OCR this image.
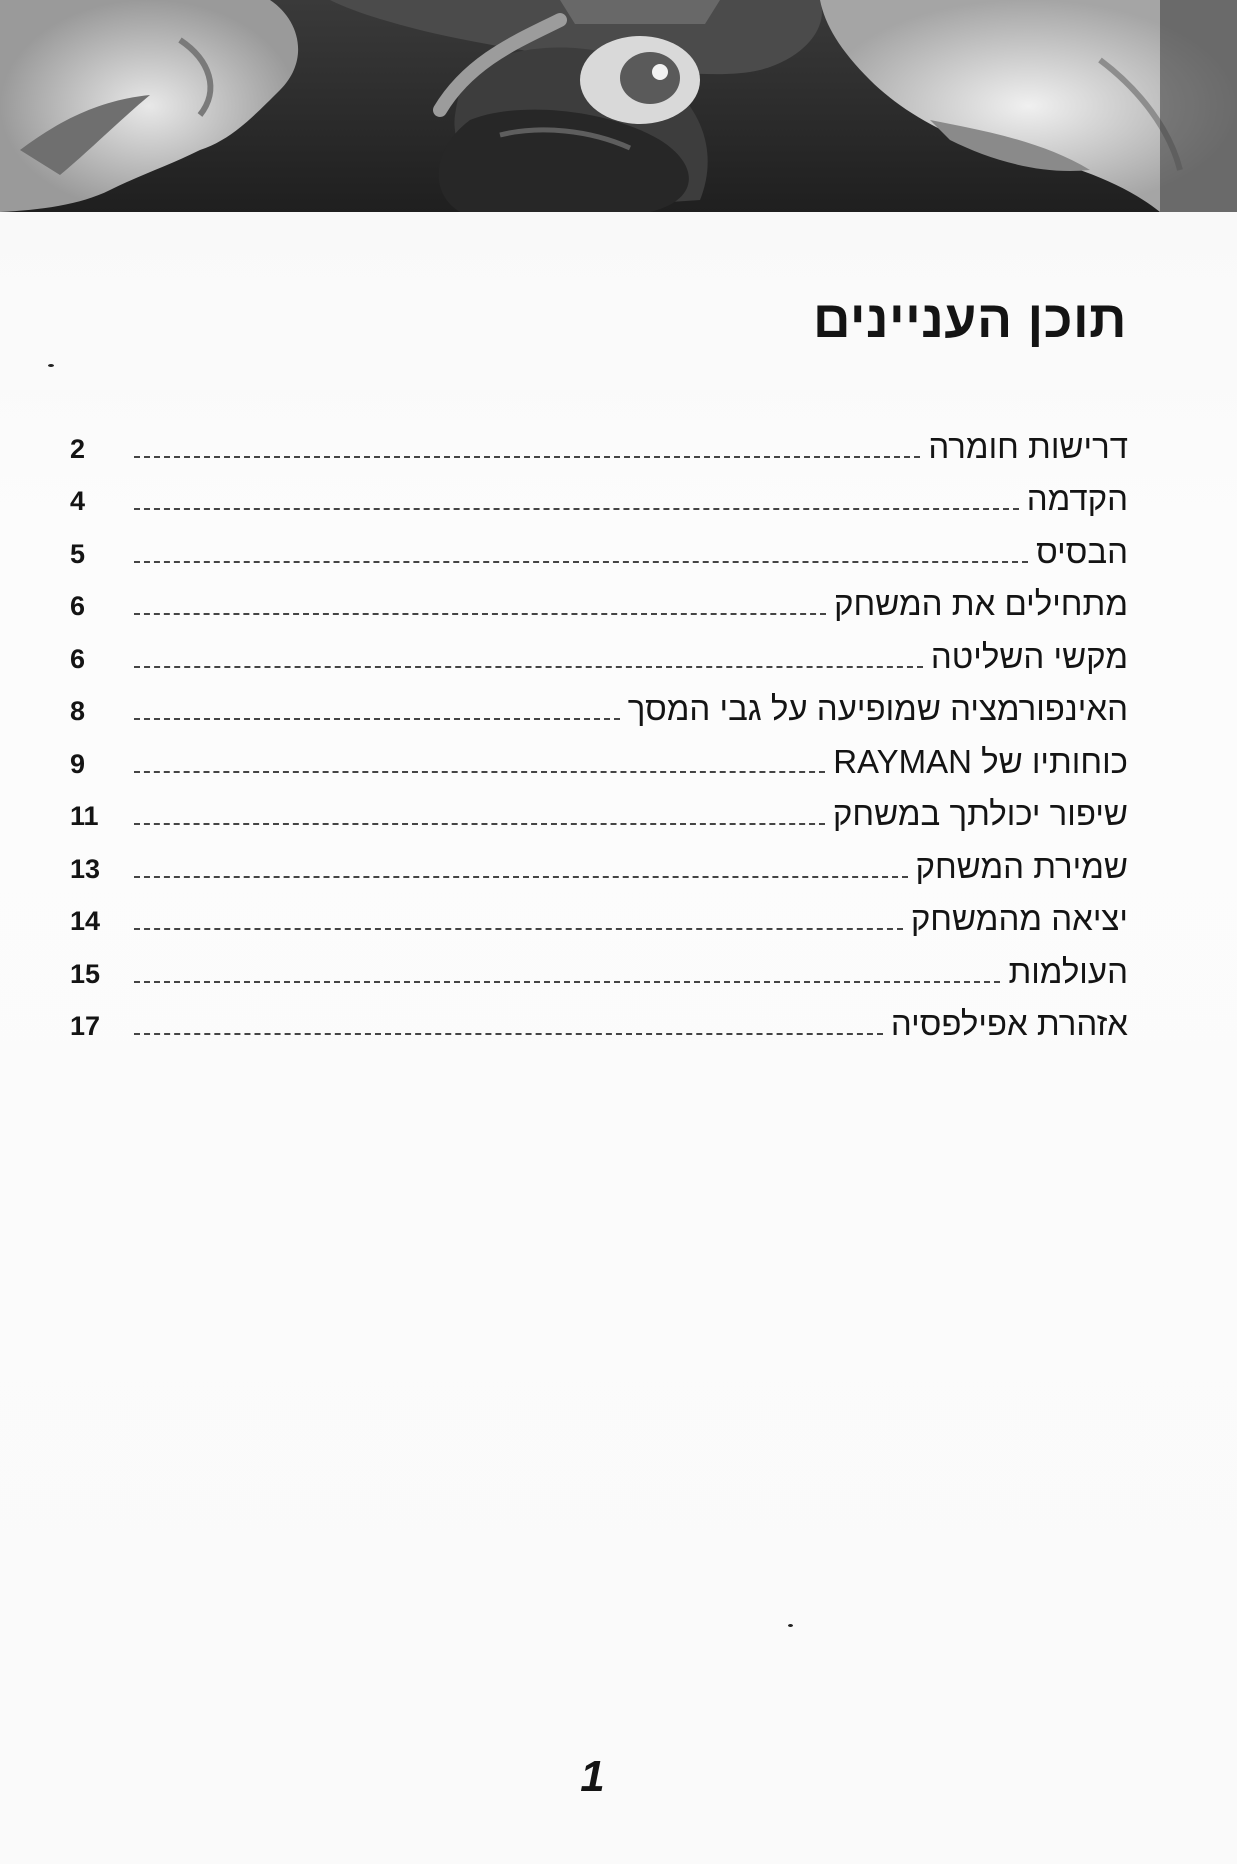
תוכן העניינים
2	דרישות חומרה
4	הקדמה
5	הבסיס
6	מתחילים את המשחק
6	מקשי השליטה
8	האינפורמציה שמופיעה על גבי המסך
9	כוחותיו של RAYMAN
11	שיפור יכולתך במשחק
13	שמירת המשחק
14	יציאה מהמשחק
15	העולמות
17	אזהרת אפילפסיה
1
